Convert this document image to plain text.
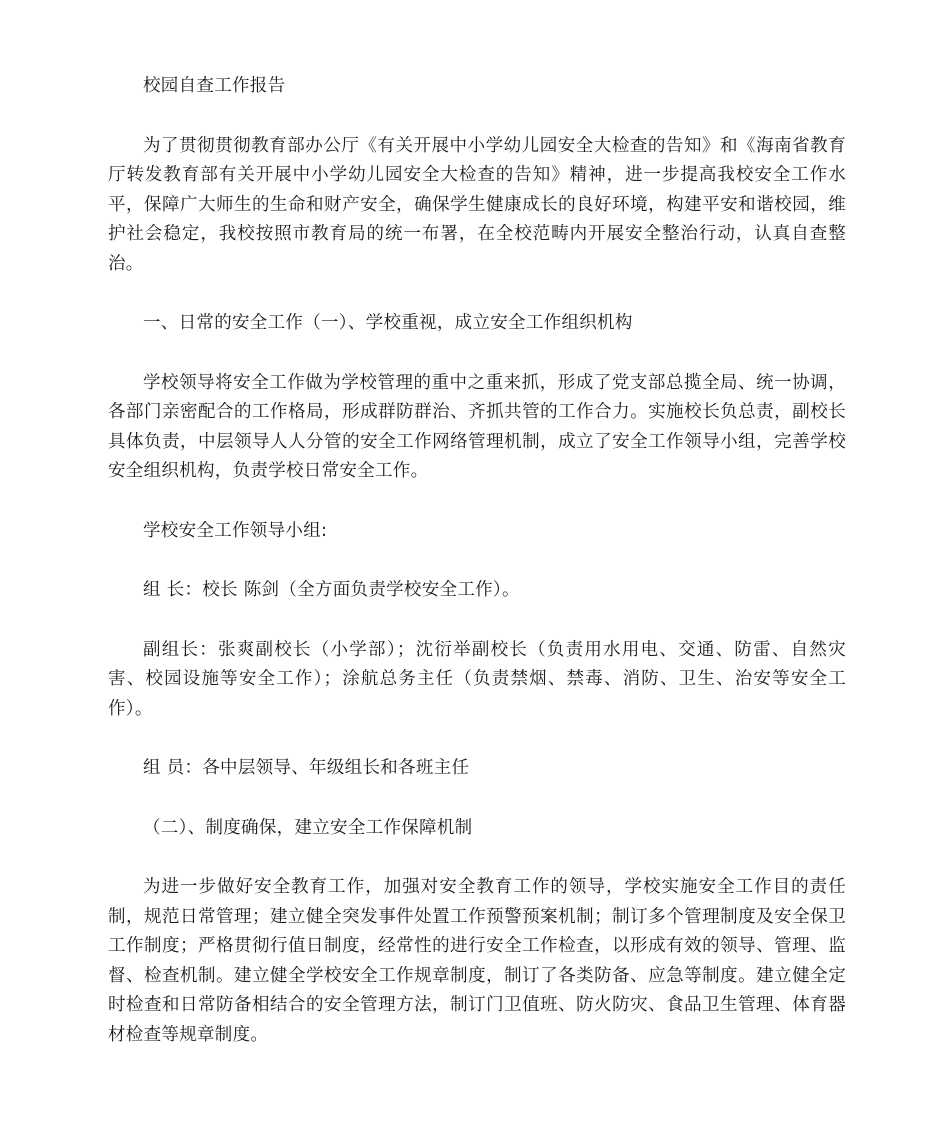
校园自查工作报告

为了贯彻贯彻教育部办公厅《有关开展中小学幼儿园安全大检查的告知》和《海南省教育厅转发教育部有关开展中小学幼儿园安全大检查的告知》精神，进一步提高我校安全工作水平，保障广大师生的生命和财产安全，确保学生健康成长的良好环境，构建平安和谐校园，维护社会稳定，我校按照市教育局的统一布署，在全校范畴内开展安全整治行动，认真自查整治。

一、日常的安全工作（一）、学校重视，成立安全工作组织机构

学校领导将安全工作做为学校管理的重中之重来抓，形成了党支部总揽全局、统一协调，各部门亲密配合的工作格局，形成群防群治、齐抓共管的工作合力。实施校长负总责，副校长具体负责，中层领导人人分管的安全工作网络管理机制，成立了安全工作领导小组，完善学校安全组织机构，负责学校日常安全工作。

学校安全工作领导小组:

组 长：校长 陈剑（全方面负责学校安全工作）。

副组长：张爽副校长（小学部）；沈衍举副校长（负责用水用电、交通、防雷、自然灾害、校园设施等安全工作）；涂航总务主任（负责禁烟、禁毒、消防、卫生、治安等安全工作）。

组 员：各中层领导、年级组长和各班主任

（二）、制度确保，建立安全工作保障机制

为进一步做好安全教育工作，加强对安全教育工作的领导，学校实施安全工作目的责任制，规范日常管理；建立健全突发事件处置工作预警预案机制；制订多个管理制度及安全保卫工作制度；严格贯彻行值日制度，经常性的进行安全工作检查，以形成有效的领导、管理、监督、检查机制。建立健全学校安全工作规章制度，制订了各类防备、应急等制度。建立健全定时检查和日常防备相结合的安全管理方法，制订门卫值班、防火防灾、食品卫生管理、体育器材检查等规章制度。
